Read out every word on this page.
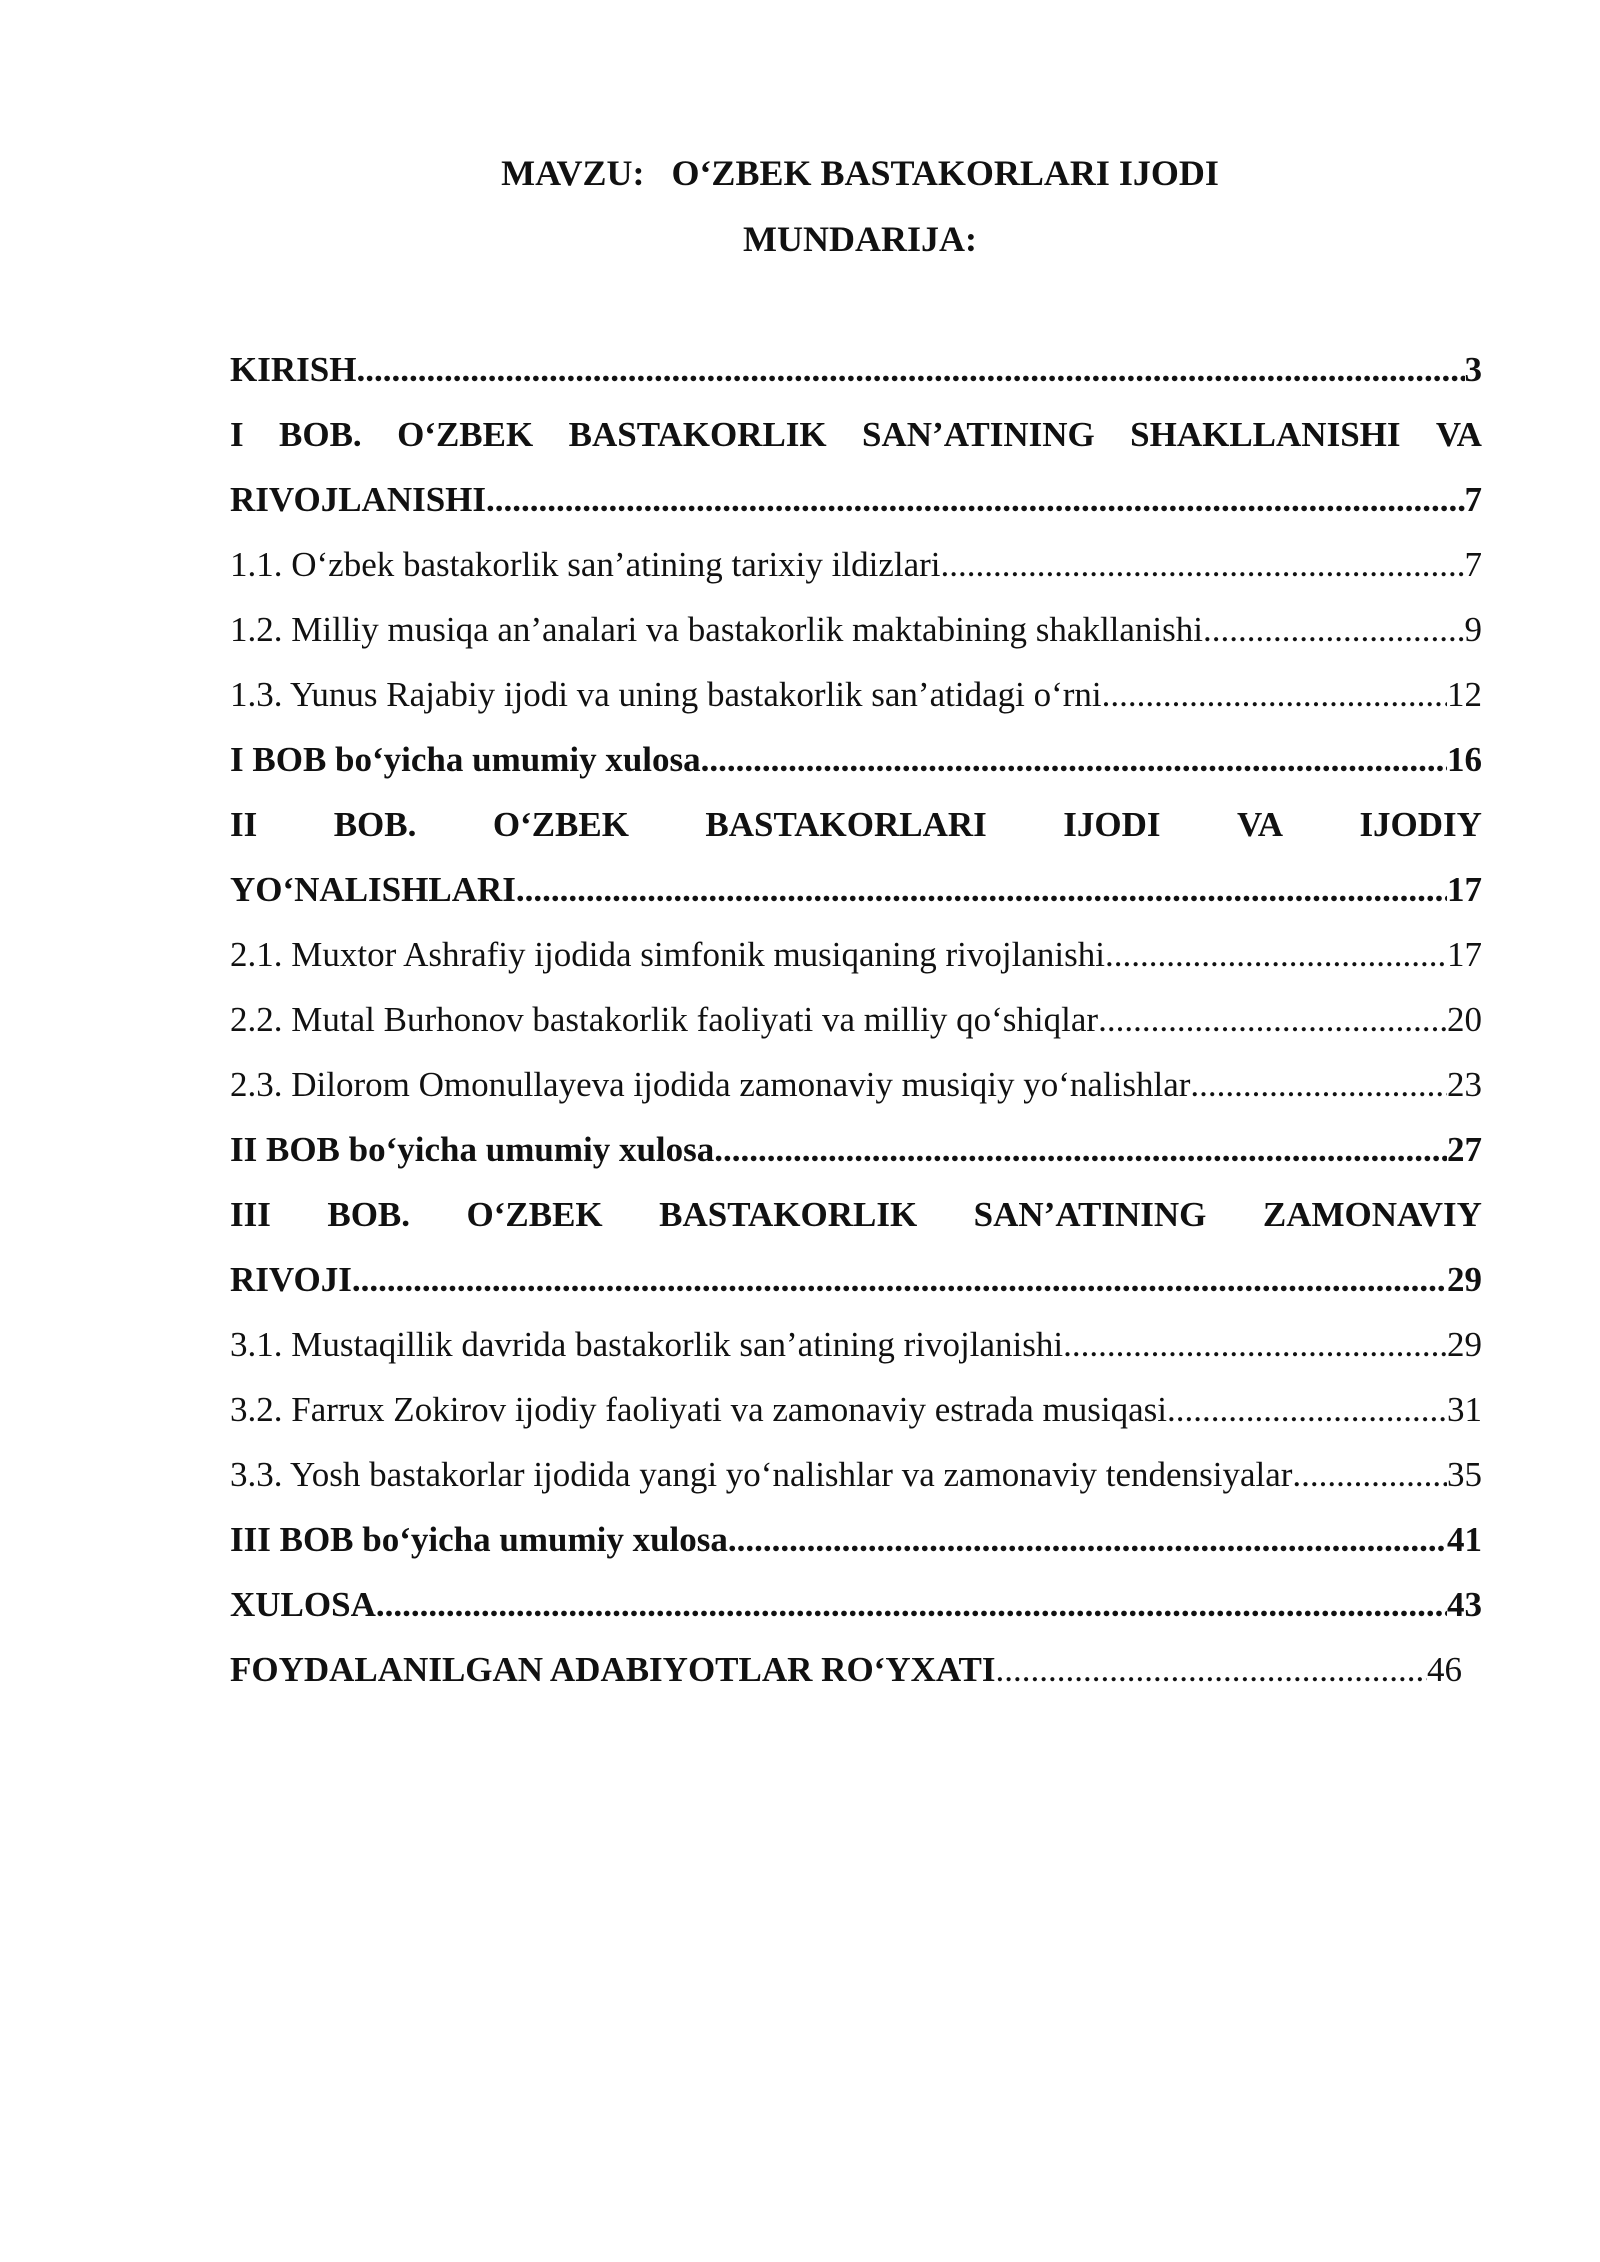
MAVZU:   O‘ZBEK BASTAKORLARI IJODI
MUNDARIJA:
KIRISH .....	3
I BOB. O‘ZBEK BASTAKORLIK SAN’ATINING SHAKLLANISHI VA
RIVOJLANISHI .....	7
1.1. O‘zbek bastakorlik san’atining tarixiy ildizlari .....	7
1.2. Milliy musiqa an’analari va bastakorlik maktabining shakllanishi .....	9
1.3. Yunus Rajabiy ijodi va uning bastakorlik san’atidagi o‘rni .....	12
I BOB bo‘yicha umumiy xulosa .....	16
II BOB. O‘ZBEK BASTAKORLARI IJODI VA IJODIY
YO‘NALISHLARI .....	17
2.1. Muxtor Ashrafiy ijodida simfonik musiqaning rivojlanishi .....	17
2.2. Mutal Burhonov bastakorlik faoliyati va milliy qo‘shiqlar .....	20
2.3. Dilorom Omonullayeva ijodida zamonaviy musiqiy yo‘nalishlar .....	23
II BOB bo‘yicha umumiy xulosa .....	27
III BOB. O‘ZBEK BASTAKORLIK SAN’ATINING ZAMONAVIY
RIVOJI .....	29
3.1. Mustaqillik davrida bastakorlik san’atining rivojlanishi .....	29
3.2. Farrux Zokirov ijodiy faoliyati va zamonaviy estrada musiqasi .....	31
3.3. Yosh bastakorlar ijodida yangi yo‘nalishlar va zamonaviy tendensiyalar .....	35
III BOB bo‘yicha umumiy xulosa .....	41
XULOSA .....	43
FOYDALANILGAN ADABIYOTLAR RO‘YXATI .....	46
